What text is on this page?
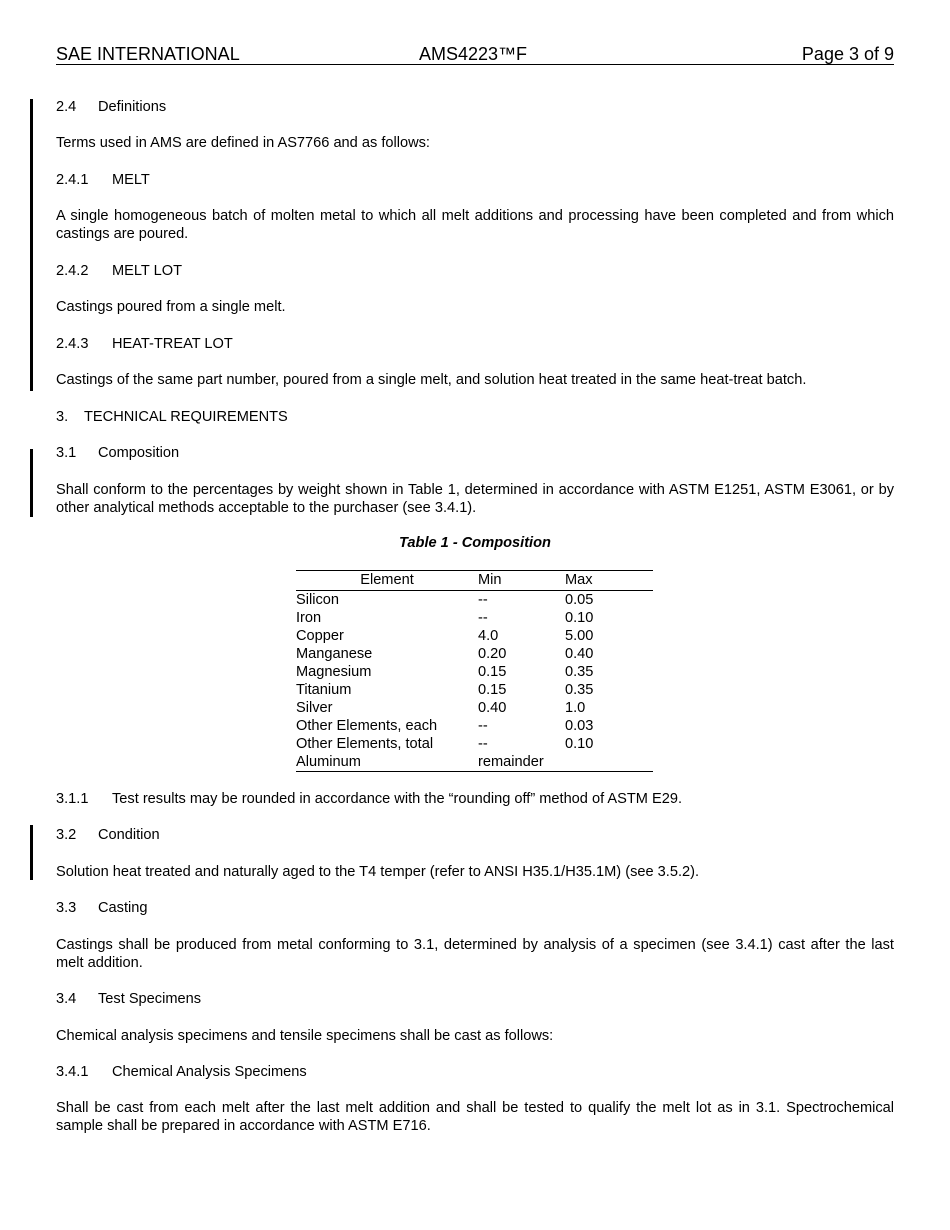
SAE INTERNATIONAL	AMS4223™F	Page 3 of 9
2.4 Definitions
Terms used in AMS are defined in AS7766 and as follows:
2.4.1 MELT
A single homogeneous batch of molten metal to which all melt additions and processing have been completed and from which castings are poured.
2.4.2 MELT LOT
Castings poured from a single melt.
2.4.3 HEAT-TREAT LOT
Castings of the same part number, poured from a single melt, and solution heat treated in the same heat-treat batch.
3. TECHNICAL REQUIREMENTS
3.1 Composition
Shall conform to the percentages by weight shown in Table 1, determined in accordance with ASTM E1251, ASTM E3061, or by other analytical methods acceptable to the purchaser (see 3.4.1).
Table 1 - Composition
Element	Min	Max
Silicon	--	0.05
Iron	--	0.10
Copper	4.0	5.00
Manganese	0.20	0.40
Magnesium	0.15	0.35
Titanium	0.15	0.35
Silver	0.40	1.0
Other Elements, each	--	0.03
Other Elements, total	--	0.10
Aluminum	remainder	
3.1.1 Test results may be rounded in accordance with the “rounding off” method of ASTM E29.
3.2 Condition
Solution heat treated and naturally aged to the T4 temper (refer to ANSI H35.1/H35.1M) (see 3.5.2).
3.3 Casting
Castings shall be produced from metal conforming to 3.1, determined by analysis of a specimen (see 3.4.1) cast after the last melt addition.
3.4 Test Specimens
Chemical analysis specimens and tensile specimens shall be cast as follows:
3.4.1 Chemical Analysis Specimens
Shall be cast from each melt after the last melt addition and shall be tested to qualify the melt lot as in 3.1. Spectrochemical sample shall be prepared in accordance with ASTM E716.
